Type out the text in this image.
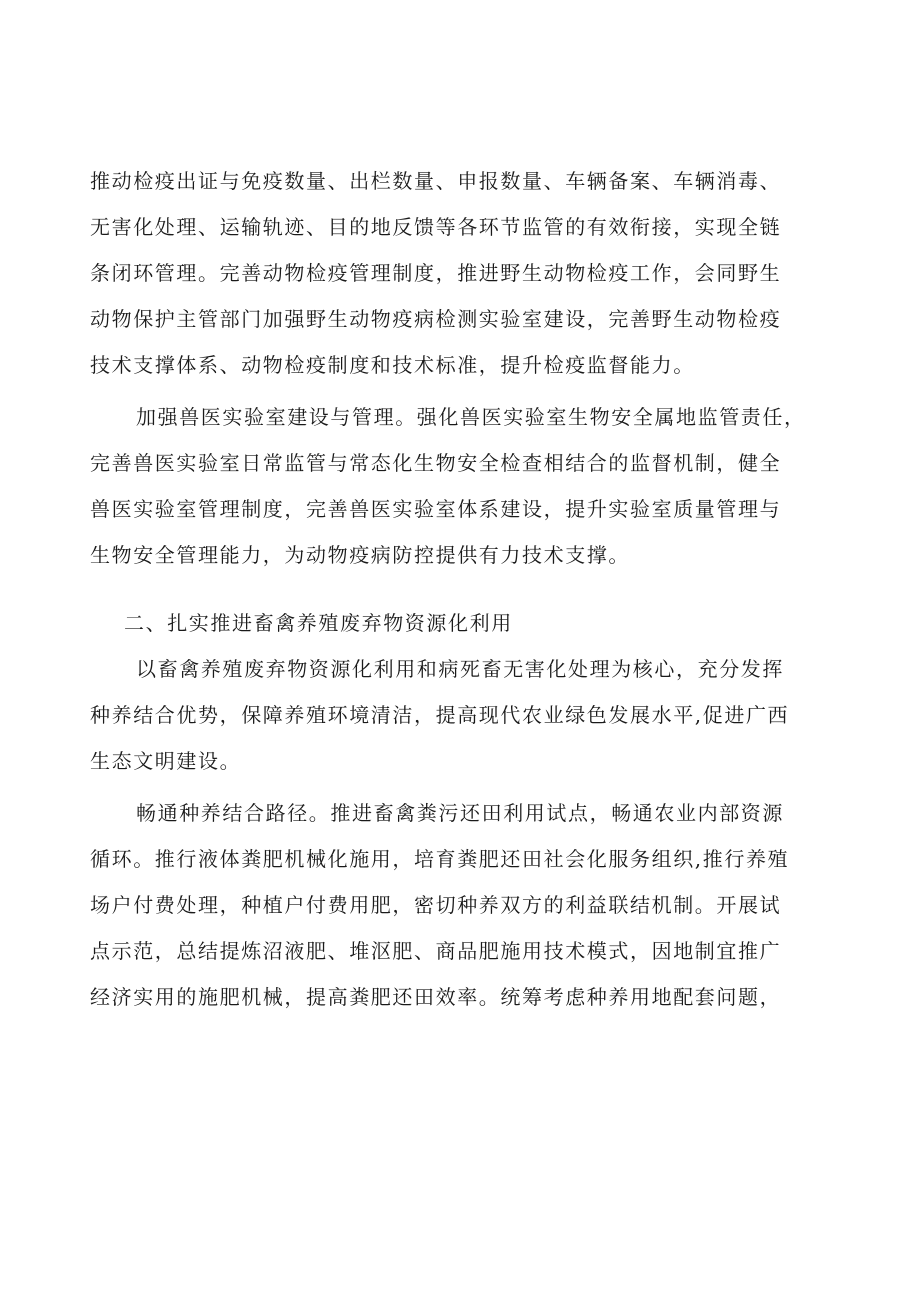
推动检疫出证与免疫数量、出栏数量、申报数量、车辆备案、车辆消毒、
无害化处理、运输轨迹、目的地反馈等各环节监管的有效衔接，实现全链
条闭环管理。完善动物检疫管理制度，推进野生动物检疫工作，会同野生
动物保护主管部门加强野生动物疫病检测实验室建设，完善野生动物检疫
技术支撑体系、动物检疫制度和技术标准，提升检疫监督能力。
加强兽医实验室建设与管理。强化兽医实验室生物安全属地监管责任，
完善兽医实验室日常监管与常态化生物安全检查相结合的监督机制，健全
兽医实验室管理制度，完善兽医实验室体系建设，提升实验室质量管理与
生物安全管理能力，为动物疫病防控提供有力技术支撑。
二、扎实推进畜禽养殖废弃物资源化利用
以畜禽养殖废弃物资源化利用和病死畜无害化处理为核心，充分发挥
种养结合优势，保障养殖环境清洁，提高现代农业绿色发展水平,促进广西
生态文明建设。
畅通种养结合路径。推进畜禽粪污还田利用试点，畅通农业内部资源
循环。推行液体粪肥机械化施用，培育粪肥还田社会化服务组织,推行养殖
场户付费处理，种植户付费用肥，密切种养双方的利益联结机制。开展试
点示范，总结提炼沼液肥、堆沤肥、商品肥施用技术模式，因地制宜推广
经济实用的施肥机械，提高粪肥还田效率。统筹考虑种养用地配套问题，
